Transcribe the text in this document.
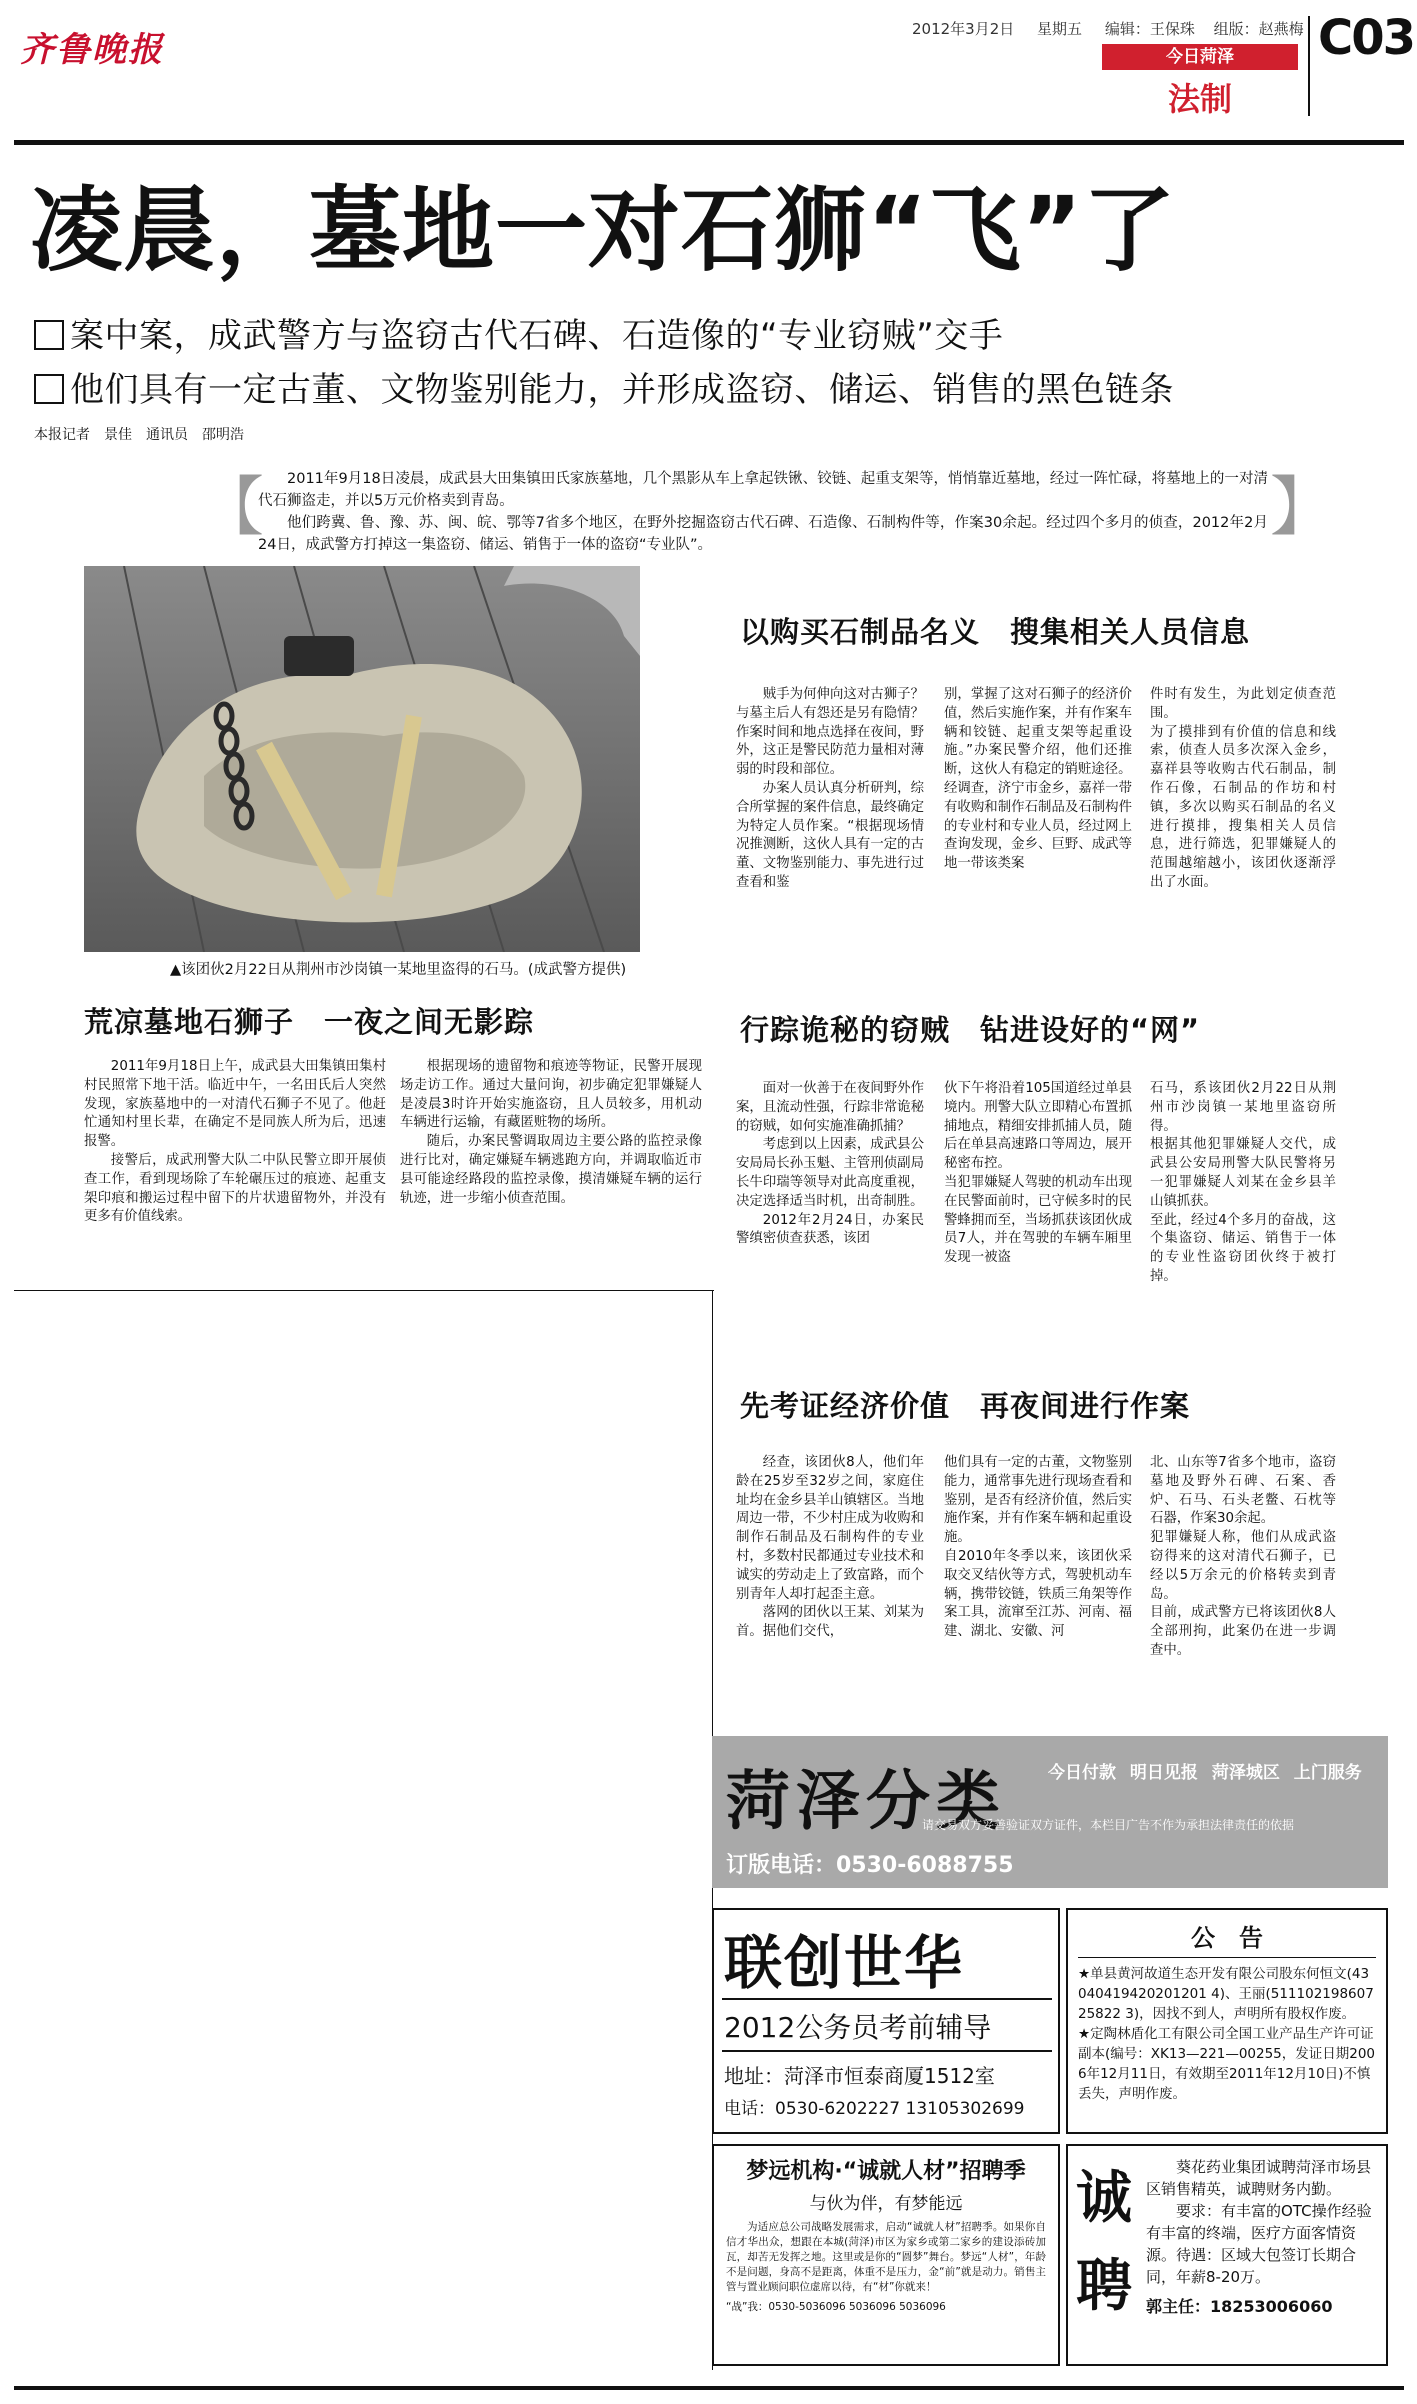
齐鲁晚报
2012年3月2日 星期五 编辑：王保珠 组版：赵燕梅
今日菏泽
法制
C03
凌晨，墓地一对石狮“飞”了
案中案，成武警方与盗窃古代石碑、石造像的“专业窃贼”交手
他们具有一定古董、文物鉴别能力，并形成盗窃、储运、销售的黑色链条
本报记者　景佳　通讯员　邵明浩
【	】

2011年9月18日凌晨，成武县大田集镇田氏家族墓地，几个黑影从车上拿起铁锹、铰链、起重支架等，悄悄靠近墓地，经过一阵忙碌，将墓地上的一对清代石狮盗走，并以5万元价格卖到青岛。

他们跨冀、鲁、豫、苏、闽、皖、鄂等7省多个地区，在野外挖掘盗窃古代石碑、石造像、石制构件等，作案30余起。经过四个多月的侦查，2012年2月24日，成武警方打掉这一集盗窃、储运、销售于一体的盗窃“专业队”。

▲该团伙2月22日从荆州市沙岗镇一某地里盗得的石马。(成武警方提供)
荒凉墓地石狮子　一夜之间无影踪

2011年9月18日上午，成武县大田集镇田集村村民照常下地干活。临近中午，一名田氏后人突然发现，家族墓地中的一对清代石狮子不见了。他赶忙通知村里长辈，在确定不是同族人所为后，迅速报警。

接警后，成武刑警大队二中队民警立即开展侦查工作，看到现场除了车轮碾压过的痕迹、起重支架印痕和搬运过程中留下的片状遗留物外，并没有更多有价值线索。

根据现场的遗留物和痕迹等物证，民警开展现场走访工作。通过大量问询，初步确定犯罪嫌疑人是凌晨3时许开始实施盗窃，且人员较多，用机动车辆进行运输，有藏匿赃物的场所。

随后，办案民警调取周边主要公路的监控录像进行比对，确定嫌疑车辆逃跑方向，并调取临近市县可能途经路段的监控录像，摸清嫌疑车辆的运行轨迹，进一步缩小侦查范围。

以购买石制品名义　搜集相关人员信息

贼手为何伸向这对古狮子？与墓主后人有怨还是另有隐情？作案时间和地点选择在夜间，野外，这正是警民防范力量相对薄弱的时段和部位。

办案人员认真分析研判，综合所掌握的案件信息，最终确定为特定人员作案。“根据现场情况推测断，这伙人具有一定的古董、文物鉴别能力、事先进行过查看和鉴

别，掌握了这对石狮子的经济价值，然后实施作案，并有作案车辆和铰链、起重支架等起重设施。”办案民警介绍，他们还推断，这伙人有稳定的销赃途径。

经调查，济宁市金乡，嘉祥一带有收购和制作石制品及石制构件的专业村和专业人员，经过网上查询发现，金乡、巨野、成武等地一带该类案

件时有发生，为此划定侦查范围。

为了摸排到有价值的信息和线索，侦查人员多次深入金乡，嘉祥县等收购古代石制品，制作石像，石制品的作坊和村镇，多次以购买石制品的名义进行摸排，搜集相关人员信息，进行筛选，犯罪嫌疑人的范围越缩越小，该团伙逐渐浮出了水面。

行踪诡秘的窃贼　钻进设好的“网”

面对一伙善于在夜间野外作案，且流动性强，行踪非常诡秘的窃贼，如何实施准确抓捕？

考虑到以上因素，成武县公安局局长孙玉魁、主管刑侦副局长牛印瑞等领导对此高度重视，决定选择适当时机，出奇制胜。

2012年2月24日，办案民警缜密侦查获悉，该团

伙下午将沿着105国道经过单县境内。刑警大队立即精心布置抓捕地点，精细安排抓捕人员，随后在单县高速路口等周边，展开秘密布控。

当犯罪嫌疑人驾驶的机动车出现在民警面前时，已守候多时的民警蜂拥而至，当场抓获该团伙成员7人，并在驾驶的车辆车厢里发现一被盗

石马，系该团伙2月22日从荆州市沙岗镇一某地里盗窃所得。

根据其他犯罪嫌疑人交代，成武县公安局刑警大队民警将另一犯罪嫌疑人刘某在金乡县羊山镇抓获。

至此，经过4个多月的奋战，这个集盗窃、储运、销售于一体的专业性盗窃团伙终于被打掉。

先考证经济价值　再夜间进行作案

经查，该团伙8人，他们年龄在25岁至32岁之间，家庭住址均在金乡县羊山镇辖区。当地周边一带，不少村庄成为收购和制作石制品及石制构件的专业村，多数村民都通过专业技术和诚实的劳动走上了致富路，而个别青年人却打起歪主意。

落网的团伙以王某、刘某为首。据他们交代，

他们具有一定的古董，文物鉴别能力，通常事先进行现场查看和鉴别，是否有经济价值，然后实施作案，并有作案车辆和起重设施。

自2010年冬季以来，该团伙采取交叉结伙等方式，驾驶机动车辆，携带铰链，铁质三角架等作案工具，流窜至江苏、河南、福建、湖北、安徽、河

北、山东等7省多个地市，盗窃墓地及野外石碑、石案、香炉、石马、石头老鳖、石枕等石器，作案30余起。

犯罪嫌疑人称，他们从成武盗窃得来的这对清代石狮子，已经以5万余元的价格转卖到青岛。

目前，成武警方已将该团伙8人全部刑拘，此案仍在进一步调查中。

菏泽分类 今日付款 明日见报 菏泽城区 上门服务
请交易双方妥善验证双方证件，本栏目广告不作为承担法律责任的依据
订版电话：0530-6088755
联创世华
2012公务员考前辅导
地址：菏泽市恒泰商厦1512室
电话：0530-6202227 13105302699
公　告

★单县黄河故道生态开发有限公司股东何恒文(43040419420201201 4)、王丽(51110219860725822 3)，因找不到人，声明所有股权作废。

★定陶林盾化工有限公司全国工业产品生产许可证副本(编号：XK13—221—00255，发证日期2006年12月11日，有效期至2011年12月10日)不慎丢失，声明作废。

梦远机构·“诚就人材”招聘季
与伙为伴，有梦能远

为适应总公司战略发展需求，启动“诚就人材”招聘季。如果你自信才华出众，想跟在本城(菏泽)市区为家乡或第二家乡的建设添砖加瓦，却苦无发挥之地。这里或是你的“圆梦”舞台。梦远“人材”，年龄不是问题，身高不是距离，体重不是压力，金“前”就是动力。销售主管与置业顾问职位虚席以待，有“材”你就来！

“战”我：0530-5036096 5036096 5036096
诚
聘

葵花药业集团诚聘菏泽市场县区销售精英，诚聘财务内勤。

要求：有丰富的OTC操作经验有丰富的终端，医疗方面客情资源。待遇：区域大包签订长期合同，年薪8-20万。

郭主任：18253006060
